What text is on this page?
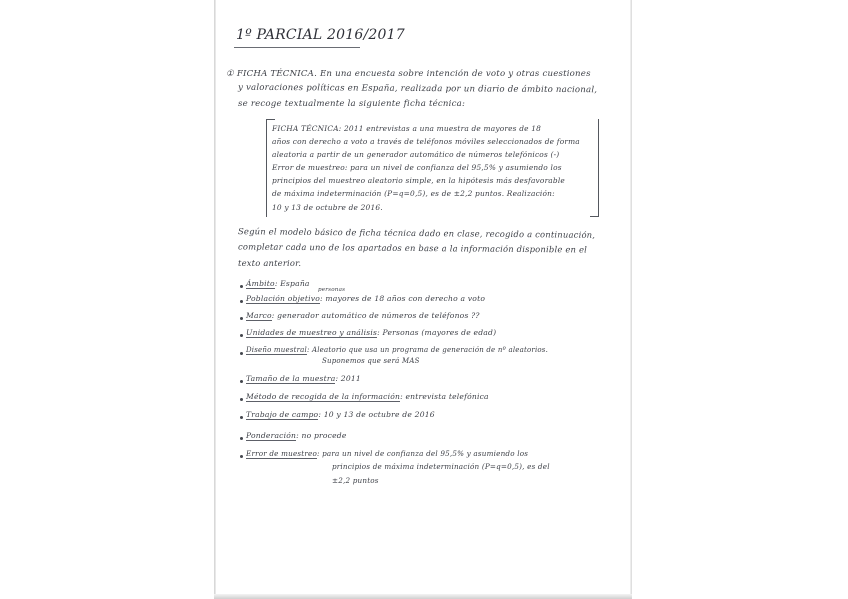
1º PARCIAL 2016/2017
① FICHA TÉCNICA. En una encuesta sobre intención de voto y otras cuestiones
y valoraciones políticas en España, realizada por un diario de ámbito nacional,
se recoge textualmente la siguiente ficha técnica:
FICHA TÉCNICA: 2011 entrevistas a una muestra de mayores de 18
años con derecho a voto a través de teléfonos móviles seleccionados de forma
aleatoria a partir de un generador automático de números telefónicos (-)
Error de muestreo: para un nivel de confianza del 95,5% y asumiendo los
principios del muestreo aleatorio simple, en la hipótesis más desfavorable
de máxima indeterminación (P=q=0,5), es de ±2,2 puntos. Realización:
10 y 13 de octubre de 2016.
Según el modelo básico de ficha técnica dado en clase, recogido a continuación,
completar cada uno de los apartados en base a la información disponible en el
texto anterior.
Ámbito: España
personas
Población objetivo: mayores de 18 años con derecho a voto
Marco: generador automático de números de teléfonos ??
Unidades de muestreo y análisis: Personas (mayores de edad)
Diseño muestral: Aleatorio que usa un programa de generación de nº aleatorios.
Suponemos que será MAS
Tamaño de la muestra: 2011
Método de recogida de la información: entrevista telefónica
Trabajo de campo: 10 y 13 de octubre de 2016
Ponderación: no procede
Error de muestreo: para un nivel de confianza del 95,5% y asumiendo los
principios de máxima indeterminación (P=q=0,5), es del
±2,2 puntos
